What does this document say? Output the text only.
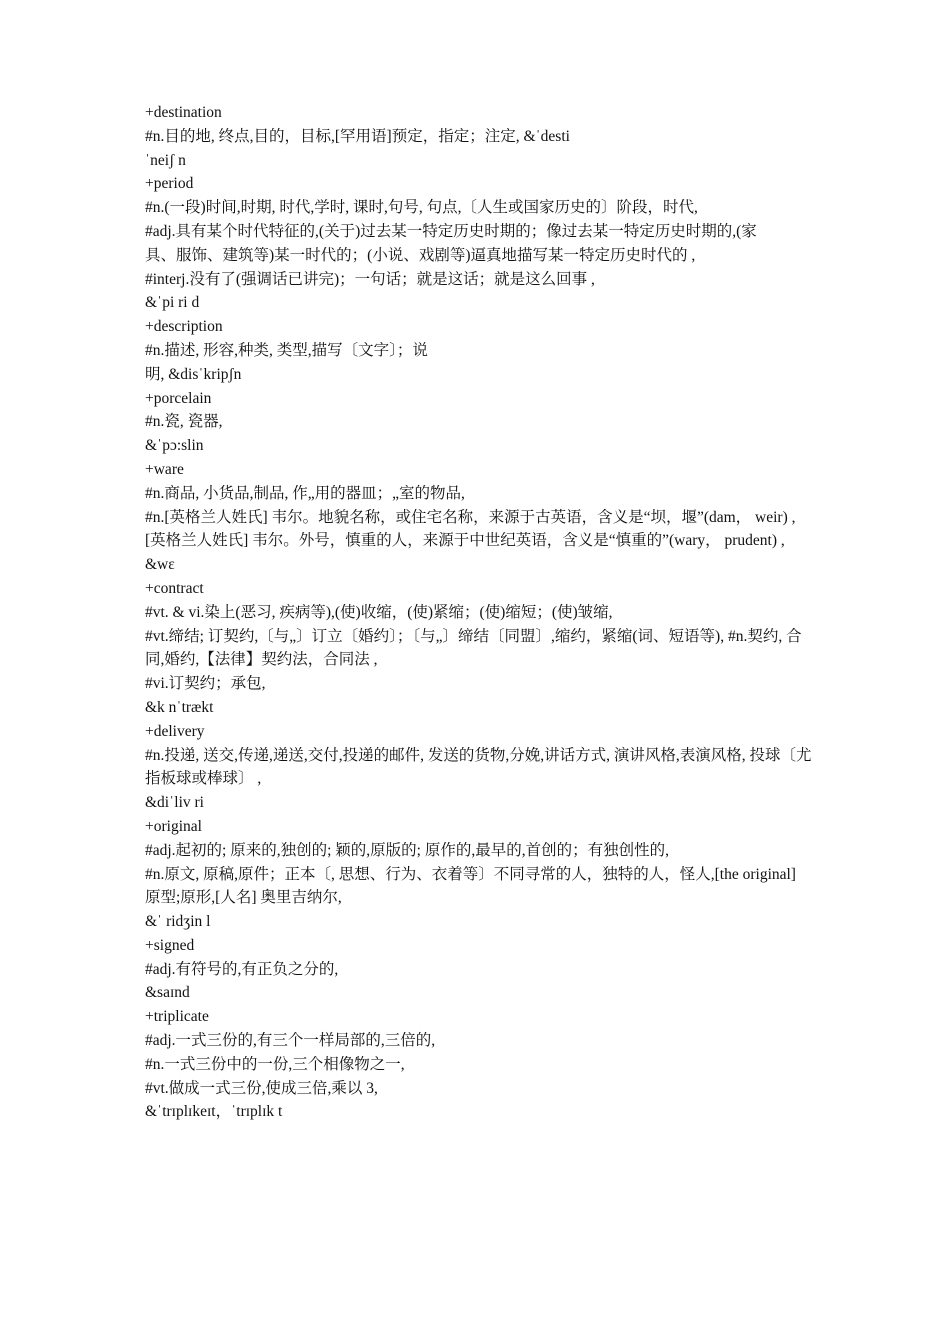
+destination

#n.目的地, 终点,目的，目标,[罕用语]预定，指定；注定, &ˈdesti

ˈneiʃ n

+period

#n.(一段)时间,时期, 时代,学时, 课时,句号, 句点,〔人生或国家历史的〕阶段，时代,

#adj.具有某个时代特征的,(关于)过去某一特定历史时期的；像过去某一特定历史时期的,(家

具、服饰、建筑等)某一时代的；(小说、戏剧等)逼真地描写某一特定历史时代的 ,

#interj.没有了(强调话已讲完)；一句话；就是这话；就是这么回事 ,

&ˈpi ri d

+description

#n.描述, 形容,种类, 类型,描写〔文字〕；说

明, &disˈkripʃn

+porcelain

#n.瓷, 瓷器,

&ˈpɔ:slin

+ware

#n.商品, 小货品,制品, 作„用的器皿；„室的物品,

#n.[英格兰人姓氏] 韦尔。地貌名称，或住宅名称，来源于古英语，含义是“坝，堰”(dam， weir) ,[英格兰人姓氏] 韦尔。外号，慎重的人，来源于中世纪英语，含义是“慎重的”(wary， prudent) ,

&wɛ

+contract

#vt. & vi.染上(恶习, 疾病等),(使)收缩，(使)紧缩；(使)缩短；(使)皱缩,

#vt.缔结; 订契约,〔与„〕订立〔婚约〕；〔与„〕缔结〔同盟〕,缩约，紧缩(词、短语等), #n.契约, 合同,婚约,【法律】契约法，合同法 ,

#vi.订契约；承包,

&k nˈtrækt

+delivery

#n.投递, 送交,传递,递送,交付,投递的邮件, 发送的货物,分娩,讲话方式, 演讲风格,表演风格, 投球〔尤指板球或棒球〕 ,

&diˈliv ri

+original

#adj.起初的; 原来的,独创的; 颖的,原版的; 原作的,最早的,首创的；有独创性的,

#n.原文, 原稿,原件；正本〔, 思想、行为、衣着等〕不同寻常的人，独特的人，怪人,[the original]

原型;原形,[人名] 奥里吉纳尔,

&ˈ ridʒin l

+signed

#adj.有符号的,有正负之分的,

&saɪnd

+triplicate

#adj.一式三份的,有三个一样局部的,三倍的,

#n.一式三份中的一份,三个相像物之一,

#vt.做成一式三份,使成三倍,乘以 3,

&ˈtrɪplɪkeɪt，ˈtrɪplɪk t
